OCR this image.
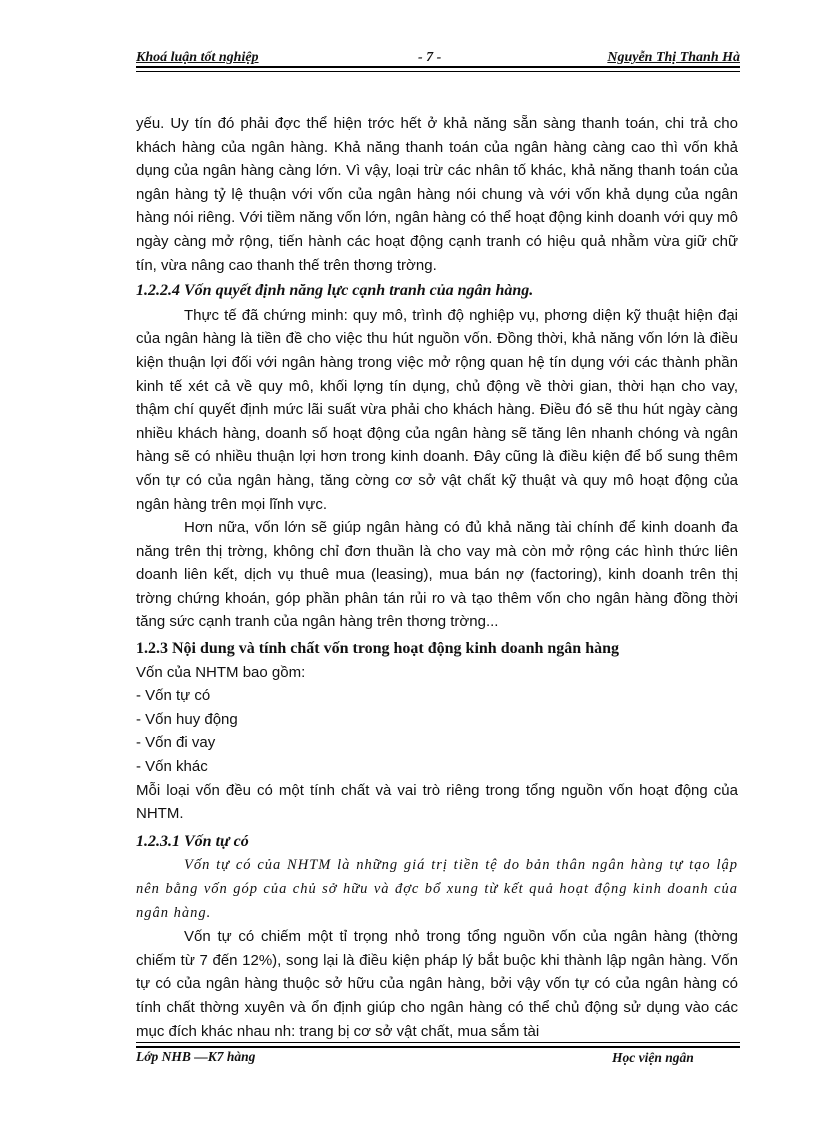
Khoá luận tốt nghiệp	- 7 -	Nguyễn Thị Thanh Hà

yếu. Uy tín đó phải đợc thể hiện trớc hết ở khả năng sẵn sàng thanh toán, chi trả cho khách hàng của ngân hàng. Khả năng thanh toán của ngân hàng càng cao thì vốn khả dụng của ngân hàng càng lớn. Vì vậy, loại trừ các nhân tố khác, khả năng thanh toán của ngân hàng tỷ lệ thuận với vốn của ngân hàng nói chung và với vốn khả dụng của ngân hàng nói riêng. Với tiềm năng vốn lớn, ngân hàng có thể hoạt động kinh doanh với quy mô ngày càng mở rộng, tiến hành các hoạt động cạnh tranh có hiệu quả nhằm vừa giữ chữ tín, vừa nâng cao thanh thế trên thơng trờng.

1.2.2.4 Vốn quyết định năng lực cạnh tranh của ngân hàng.

Thực tế đã chứng minh: quy mô, trình độ nghiệp vụ, phơng diện kỹ thuật hiện đại của ngân hàng là tiền đề cho việc thu hút nguồn vốn. Đồng thời, khả năng vốn lớn là điều kiện thuận lợi đối với ngân hàng trong việc mở rộng quan hệ tín dụng với các thành phần kinh tế xét cả về quy mô, khối lợng tín dụng, chủ động về thời gian, thời hạn cho vay, thậm chí quyết định mức lãi suất vừa phải cho khách hàng. Điều đó sẽ thu hút ngày càng nhiều khách hàng, doanh số hoạt động của ngân hàng sẽ tăng lên nhanh chóng và ngân hàng sẽ có nhiều thuận lợi hơn trong kinh doanh. Đây cũng là điều kiện để bổ sung thêm vốn tự có của ngân hàng, tăng cờng cơ sở vật chất kỹ thuật và quy mô hoạt động của ngân hàng trên mọi lĩnh vực.

Hơn nữa, vốn lớn sẽ giúp ngân hàng có đủ khả năng tài chính để kinh doanh đa năng trên thị trờng, không chỉ đơn thuần là cho vay mà còn mở rộng các hình thức liên doanh liên kết, dịch vụ thuê mua (leasing), mua bán nợ (factoring), kinh doanh trên thị trờng chứng khoán, góp phần phân tán rủi ro và tạo thêm vốn cho ngân hàng đồng thời tăng sức cạnh tranh của ngân hàng trên thơng trờng...

1.2.3 Nội dung và tính chất vốn trong hoạt động kinh doanh ngân hàng

Vốn của NHTM bao gồm:

- Vốn tự có

- Vốn huy động

- Vốn đi vay

- Vốn khác

Mỗi loại vốn đều có một tính chất và vai trò riêng trong tổng nguồn vốn hoạt động của NHTM.

1.2.3.1 Vốn tự có

Vốn tự có của NHTM là những giá trị tiền tệ do bản thân ngân hàng tự tạo lập nên bằng vốn góp của chủ sở hữu và đợc bổ xung từ kết quả hoạt động kinh doanh của ngân hàng.

Vốn tự có chiếm một tỉ trọng nhỏ trong tổng nguồn vốn của ngân hàng (thờng chiếm từ 7 đến 12%), song lại là điều kiện pháp lý bắt buộc khi thành lập ngân hàng. Vốn tự có của ngân hàng thuộc sở hữu của ngân hàng, bởi vậy vốn tự có của ngân hàng có tính chất thờng xuyên và ổn định giúp cho ngân hàng có thể chủ động sử dụng vào các mục đích khác nhau nh: trang bị cơ sở vật chất, mua sắm tài

Lớp NHB —K7 hàng	Học viện ngân
